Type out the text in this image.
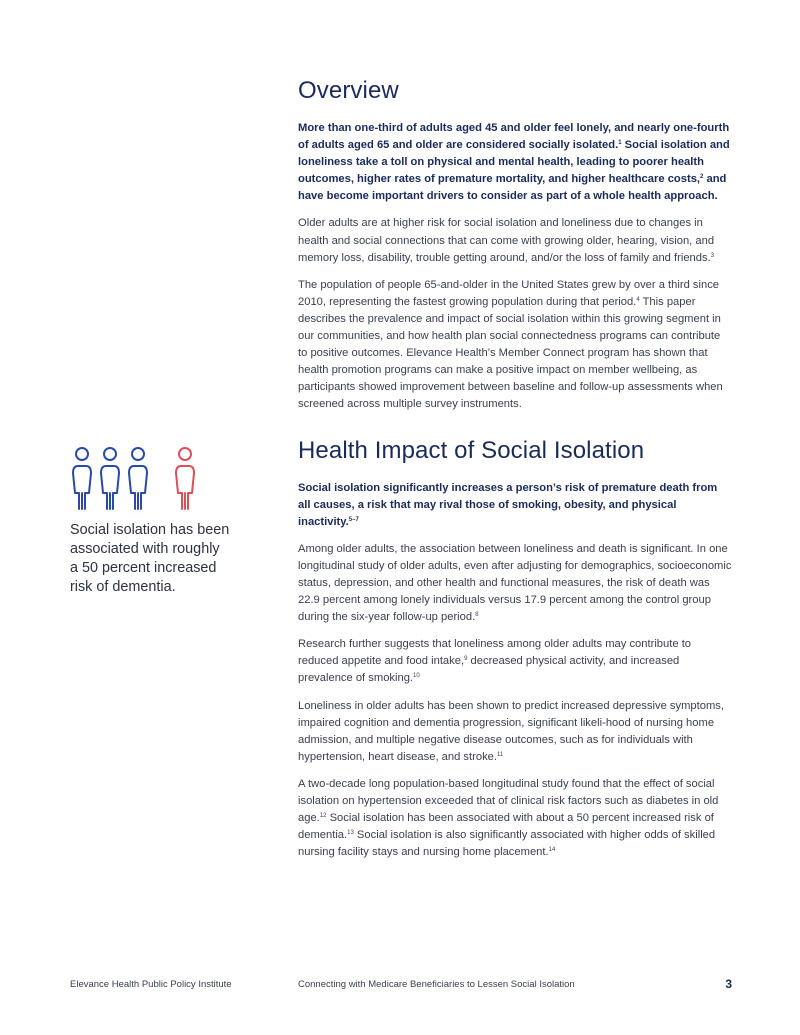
Overview

More than one-third of adults aged 45 and older feel lonely, and nearly one-fourth of adults aged 65 and older are considered socially isolated.$^1$ Social isolation and loneliness take a toll on physical and mental health, leading to poorer health outcomes, higher rates of premature mortality, and higher healthcare costs,$^2$ and have become important drivers to consider as part of a whole health approach.

Older adults are at higher risk for social isolation and loneliness due to changes in health and social connections that can come with growing older, hearing, vision, and memory loss, disability, trouble getting around, and/or the loss of family and friends.$^3$

The population of people 65-and-older in the United States grew by over a third since 2010, representing the fastest growing population during that period.$^4$ This paper describes the prevalence and impact of social isolation within this growing segment in our communities, and how health plan social connectedness programs can contribute to positive outcomes. Elevance Health’s Member Connect program has shown that health promotion programs can make a positive impact on member wellbeing, as participants showed improvement between baseline and follow-up assessments when screened across multiple survey instruments.

Health Impact of Social Isolation

Social isolation significantly increases a person’s risk of premature death from all causes, a risk that may rival those of smoking, obesity, and physical inactivity.$^{5-7}$

Among older adults, the association between loneliness and death is significant. In one longitudinal study of older adults, even after adjusting for demographics, socioeconomic status, depression, and other health and functional measures, the risk of death was 22.9 percent among lonely individuals versus 17.9 percent among the control group during the six-year follow-up period.$^8$

Research further suggests that loneliness among older adults may contribute to reduced appetite and food intake,$^9$ decreased physical activity, and increased prevalence of smoking.$^{10}$

Loneliness in older adults has been shown to predict increased depressive symptoms, impaired cognition and dementia progression, significant likeli-hood of nursing home admission, and multiple negative disease outcomes, such as for individuals with hypertension, heart disease, and stroke.$^{11}$

A two-decade long population-based longitudinal study found that the effect of social isolation on hypertension exceeded that of clinical risk factors such as diabetes in old age.$^{12}$ Social isolation has been associated with about a 50 percent increased risk of dementia.$^{13}$ Social isolation is also significantly associated with higher odds of skilled nursing facility stays and nursing home placement.$^{14}$

Social isolation has been associated with roughly a 50 percent increased risk of dementia.

Elevance Health Public Policy Institute	Connecting with Medicare Beneficiaries to Lessen Social Isolation	3
